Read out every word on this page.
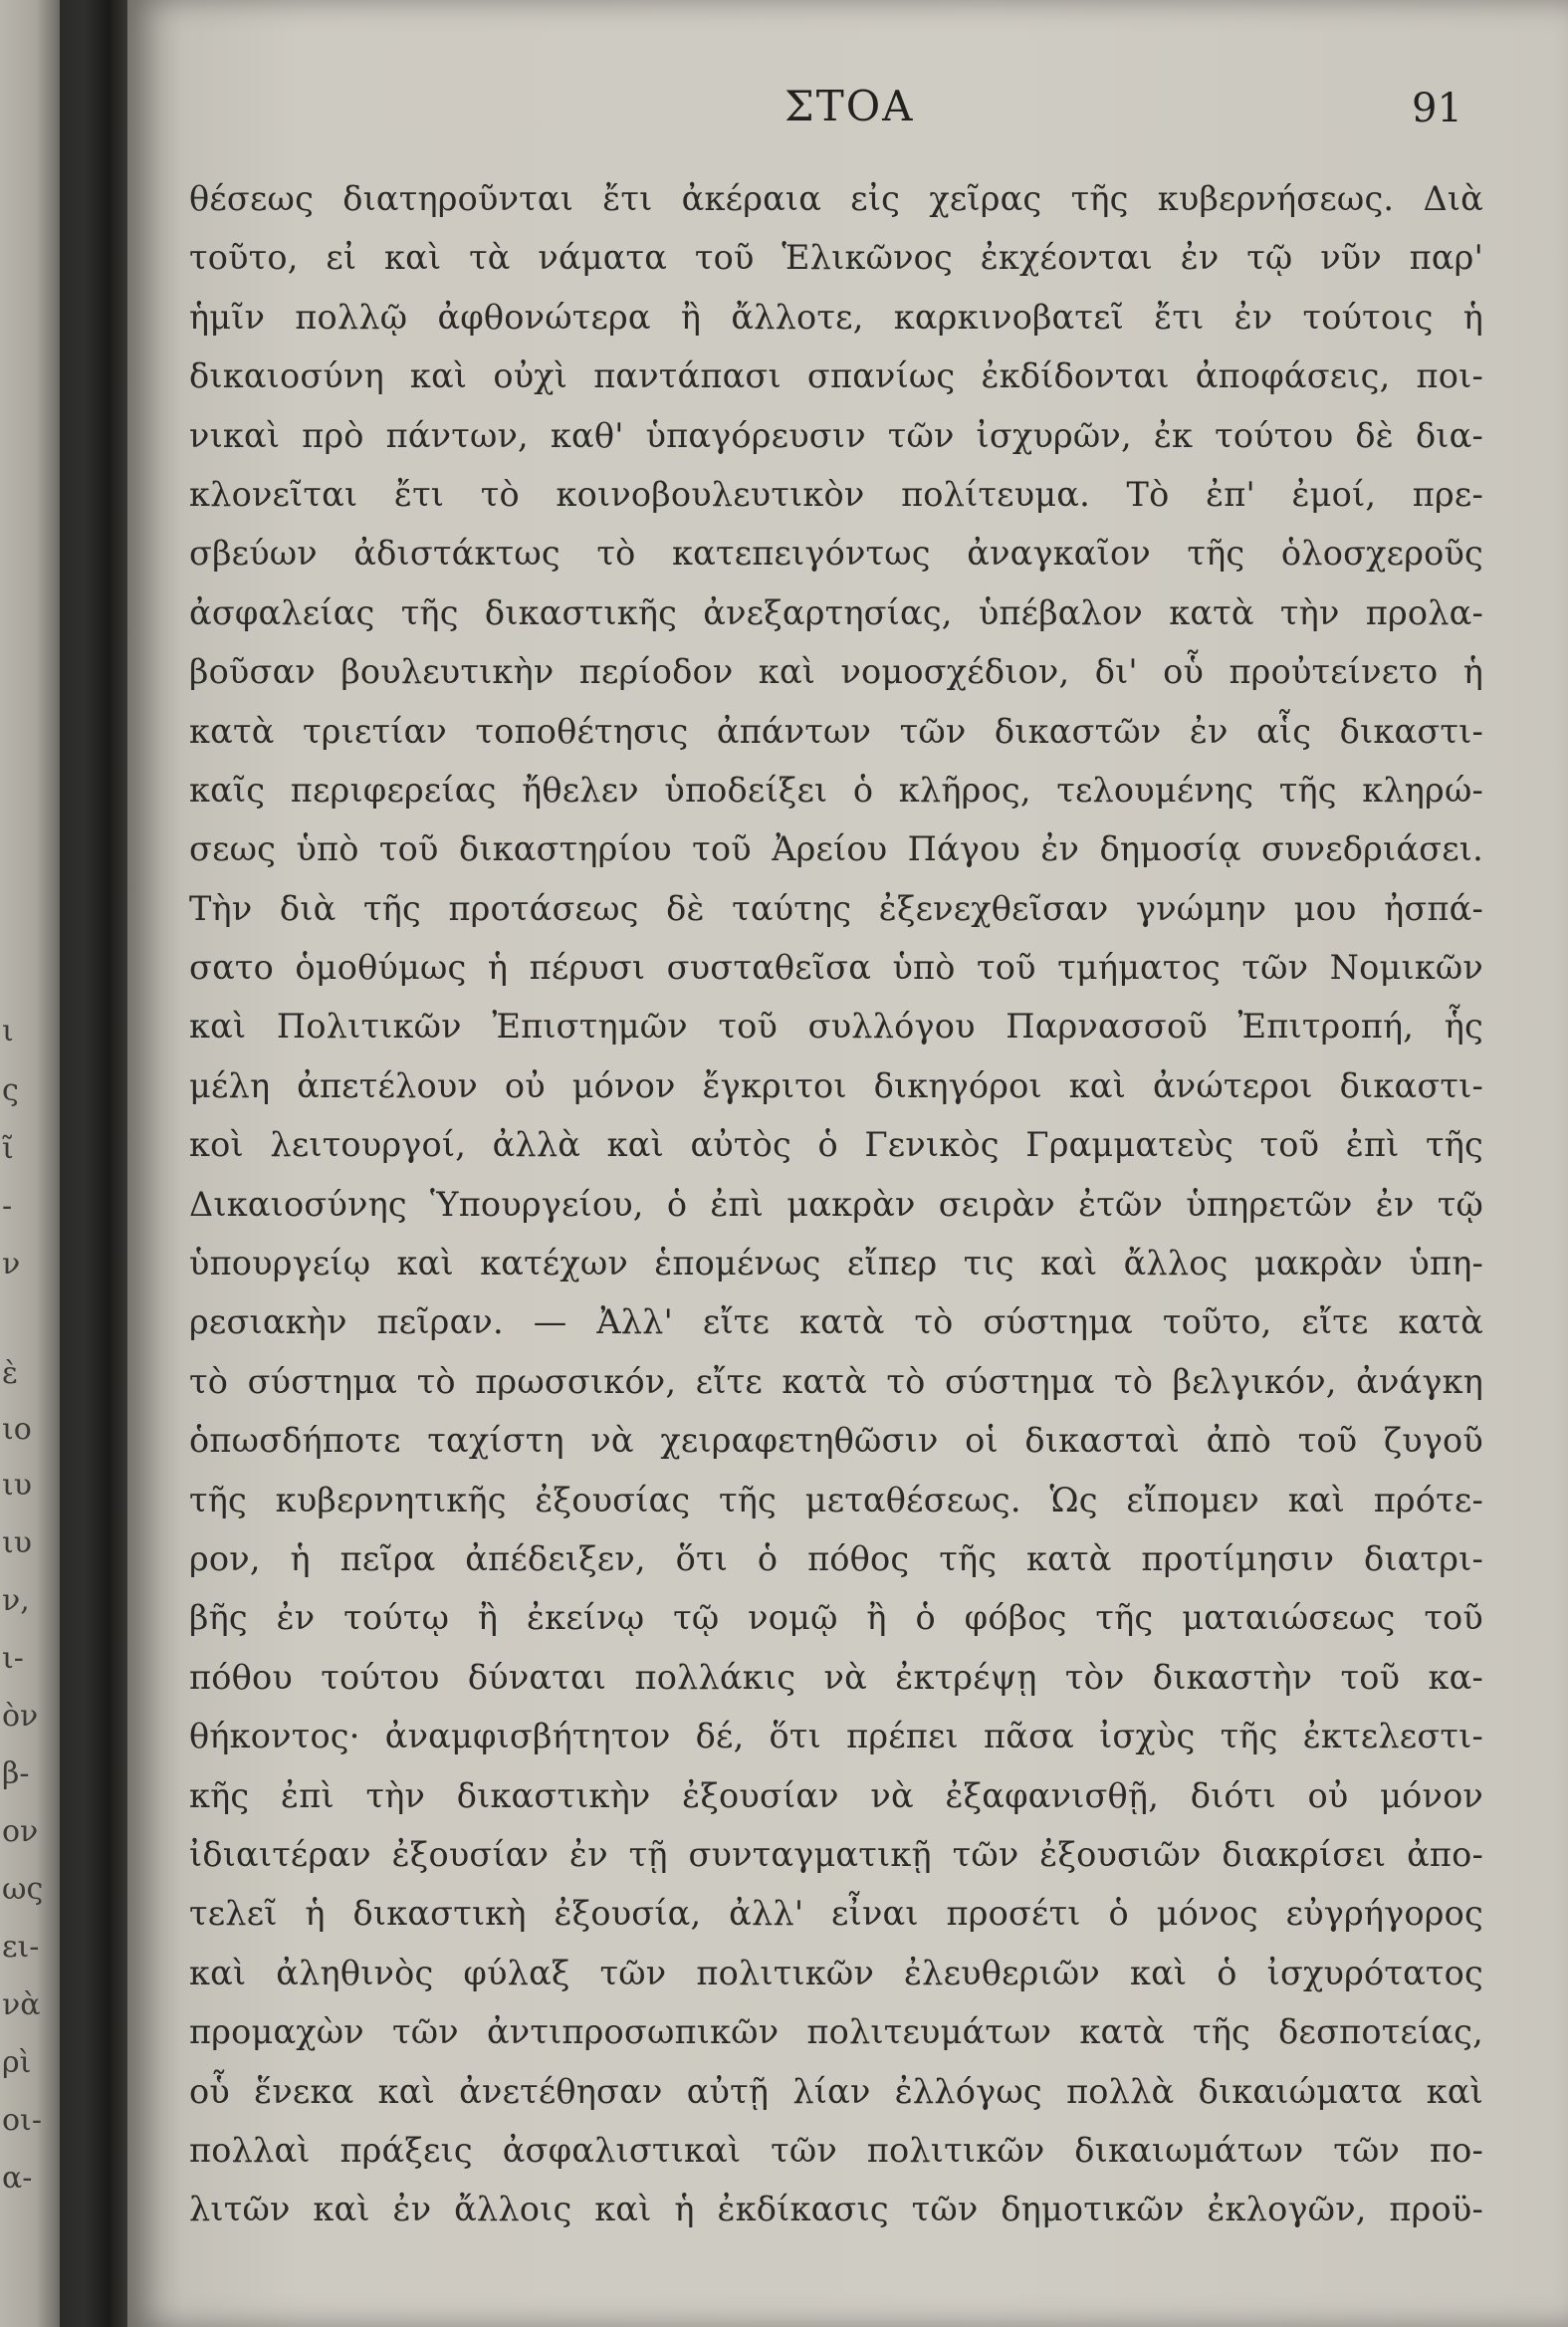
ι
ς
ῖ
-
ν
ὲ
ιο
ιυ
ιυ
ν,
ι-
ὸν
β-
ον
ως
ει-
νὰ
ρὶ
οι-
α-
ΣΤΟΑ	91
θέσεως διατηροῦνται ἔτι ἀκέραια εἰς χεῖρας τῆς κυβερνήσεως. Διὰ
τοῦτο, εἰ καὶ τὰ νάματα τοῦ Ἑλικῶνος ἐκχέονται ἐν τῷ νῦν παρ'
ἡμῖν πολλῷ ἀφθονώτερα ἢ ἄλλοτε, καρκινοβατεῖ ἔτι ἐν τούτοις ἡ
δικαιοσύνη καὶ οὐχὶ παντάπασι σπανίως ἐκδίδονται ἀποφάσεις, ποι-
νικαὶ πρὸ πάντων, καθ' ὑπαγόρευσιν τῶν ἰσχυρῶν, ἐκ τούτου δὲ δια-
κλονεῖται ἔτι τὸ κοινοβουλευτικὸν πολίτευμα. Τὸ ἐπ' ἐμοί, πρε-
σβεύων ἀδιστάκτως τὸ κατεπειγόντως ἀναγκαῖον τῆς ὁλοσχεροῦς
ἀσφαλείας τῆς δικαστικῆς ἀνεξαρτησίας, ὑπέβαλον κατὰ τὴν προλα-
βοῦσαν βουλευτικὴν περίοδον καὶ νομοσχέδιον, δι' οὗ προὐτείνετο ἡ
κατὰ τριετίαν τοποθέτησις ἀπάντων τῶν δικαστῶν ἐν αἷς δικαστι-
καῖς περιφερείας ἤθελεν ὑποδείξει ὁ κλῆρος, τελουμένης τῆς κληρώ-
σεως ὑπὸ τοῦ δικαστηρίου τοῦ Ἀρείου Πάγου ἐν δημοσίᾳ συνεδριάσει.
Τὴν διὰ τῆς προτάσεως δὲ ταύτης ἐξενεχθεῖσαν γνώμην μου ἠσπά-
σατο ὁμοθύμως ἡ πέρυσι συσταθεῖσα ὑπὸ τοῦ τμήματος τῶν Νομικῶν
καὶ Πολιτικῶν Ἐπιστημῶν τοῦ συλλόγου Παρνασσοῦ Ἐπιτροπή, ἧς
μέλη ἀπετέλουν οὐ μόνον ἔγκριτοι δικηγόροι καὶ ἀνώτεροι δικαστι-
κοὶ λειτουργοί, ἀλλὰ καὶ αὐτὸς ὁ Γενικὸς Γραμματεὺς τοῦ ἐπὶ τῆς
Δικαιοσύνης Ὑπουργείου, ὁ ἐπὶ μακρὰν σειρὰν ἐτῶν ὑπηρετῶν ἐν τῷ
ὑπουργείῳ καὶ κατέχων ἑπομένως εἴπερ τις καὶ ἄλλος μακρὰν ὑπη-
ρεσιακὴν πεῖραν. — Ἀλλ' εἴτε κατὰ τὸ σύστημα τοῦτο, εἴτε κατὰ
τὸ σύστημα τὸ πρωσσικόν, εἴτε κατὰ τὸ σύστημα τὸ βελγικόν, ἀνάγκη
ὁπωσδήποτε ταχίστη νὰ χειραφετηθῶσιν οἱ δικασταὶ ἀπὸ τοῦ ζυγοῦ
τῆς κυβερνητικῆς ἐξουσίας τῆς μεταθέσεως. Ὡς εἴπομεν καὶ πρότε-
ρον, ἡ πεῖρα ἀπέδειξεν, ὅτι ὁ πόθος τῆς κατὰ προτίμησιν διατρι-
βῆς ἐν τούτῳ ἢ ἐκείνῳ τῷ νομῷ ἢ ὁ φόβος τῆς ματαιώσεως τοῦ
πόθου τούτου δύναται πολλάκις νὰ ἐκτρέψῃ τὸν δικαστὴν τοῦ κα-
θήκοντος· ἀναμφισβήτητον δέ, ὅτι πρέπει πᾶσα ἰσχὺς τῆς ἐκτελεστι-
κῆς ἐπὶ τὴν δικαστικὴν ἐξουσίαν νὰ ἐξαφανισθῇ, διότι οὐ μόνον
ἰδιαιτέραν ἐξουσίαν ἐν τῇ συνταγματικῇ τῶν ἐξουσιῶν διακρίσει ἀπο-
τελεῖ ἡ δικαστικὴ ἐξουσία, ἀλλ' εἶναι προσέτι ὁ μόνος εὐγρήγορος
καὶ ἀληθινὸς φύλαξ τῶν πολιτικῶν ἐλευθεριῶν καὶ ὁ ἰσχυρότατος
προμαχὼν τῶν ἀντιπροσωπικῶν πολιτευμάτων κατὰ τῆς δεσποτείας,
οὗ ἕνεκα καὶ ἀνετέθησαν αὐτῇ λίαν ἐλλόγως πολλὰ δικαιώματα καὶ
πολλαὶ πράξεις ἀσφαλιστικαὶ τῶν πολιτικῶν δικαιωμάτων τῶν πο-
λιτῶν καὶ ἐν ἄλλοις καὶ ἡ ἐκδίκασις τῶν δημοτικῶν ἐκλογῶν, προϋ-
